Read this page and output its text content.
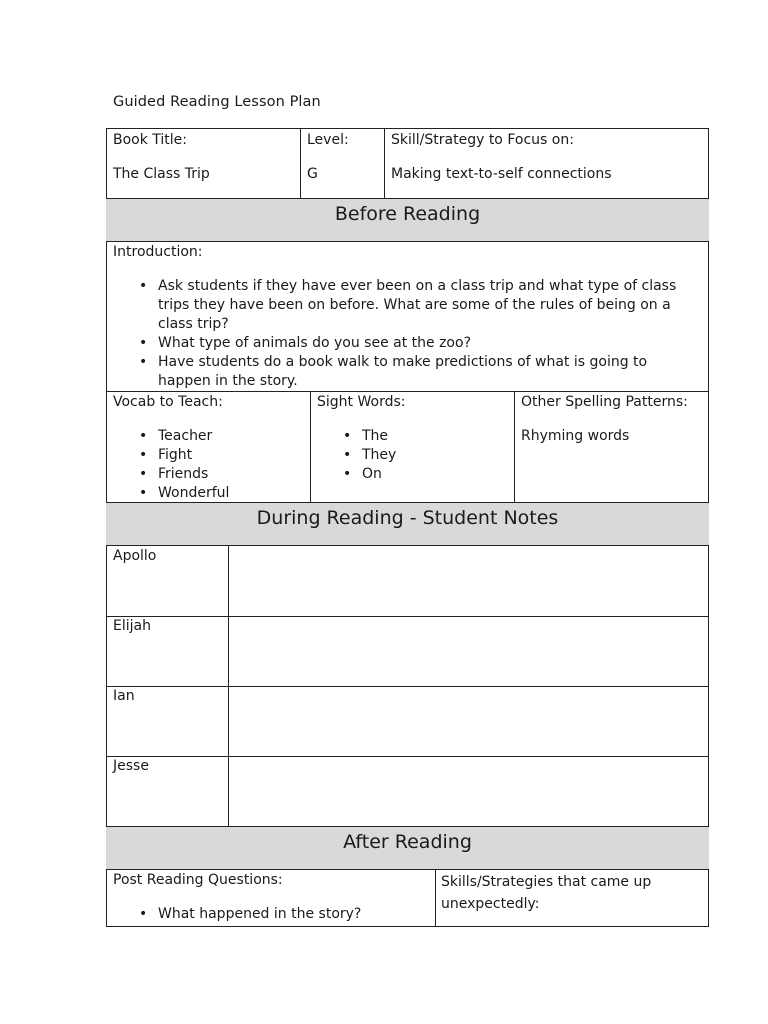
Guided Reading Lesson Plan
Book Title:
The Class Trip
Level:
G
Skill/Strategy to Focus on:
Making text-to-self connections
Before Reading
Introduction:
• Ask students if they have ever been on a class trip and what type of class trips they have been on before. What are some of the rules of being on a class trip?
• What type of animals do you see at the zoo?
• Have students do a book walk to make predictions of what is going to happen in the story.
Vocab to Teach:
• Teacher
• Fight
• Friends
• Wonderful
Sight Words:
• The
• They
• On
Other Spelling Patterns:
Rhyming words
During Reading - Student Notes
Apollo
Elijah
Ian
Jesse
After Reading
Post Reading Questions:
• What happened in the story?
Skills/Strategies that came up unexpectedly:
